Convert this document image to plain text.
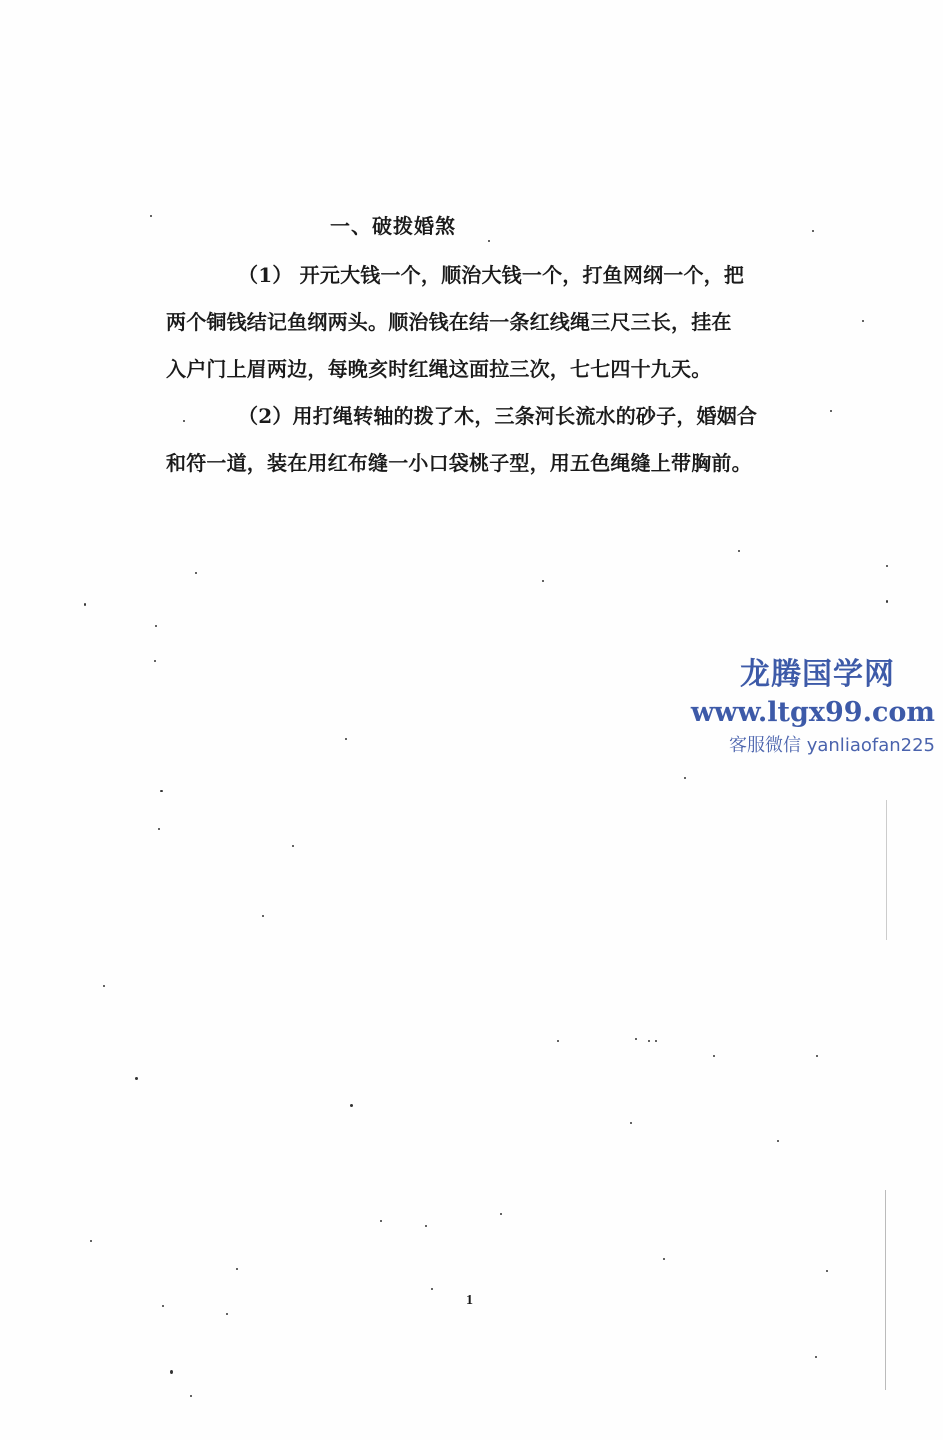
一、破拨婚煞

（1） 开元大钱一个，顺治大钱一个，打鱼网纲一个，把
两个铜钱结记鱼纲两头。顺治钱在结一条红线绳三尺三长，挂在
入户门上眉两边，每晚亥时红绳这面拉三次，七七四十九天。

（2）用打绳转轴的拨了木，三条河长流水的砂子，婚姻合
和符一道，装在用红布缝一小口袋桃子型，用五色绳缝上带胸前。

龙腾国学网
www.ltgx99.com
客服微信 yanliaofan225
1
